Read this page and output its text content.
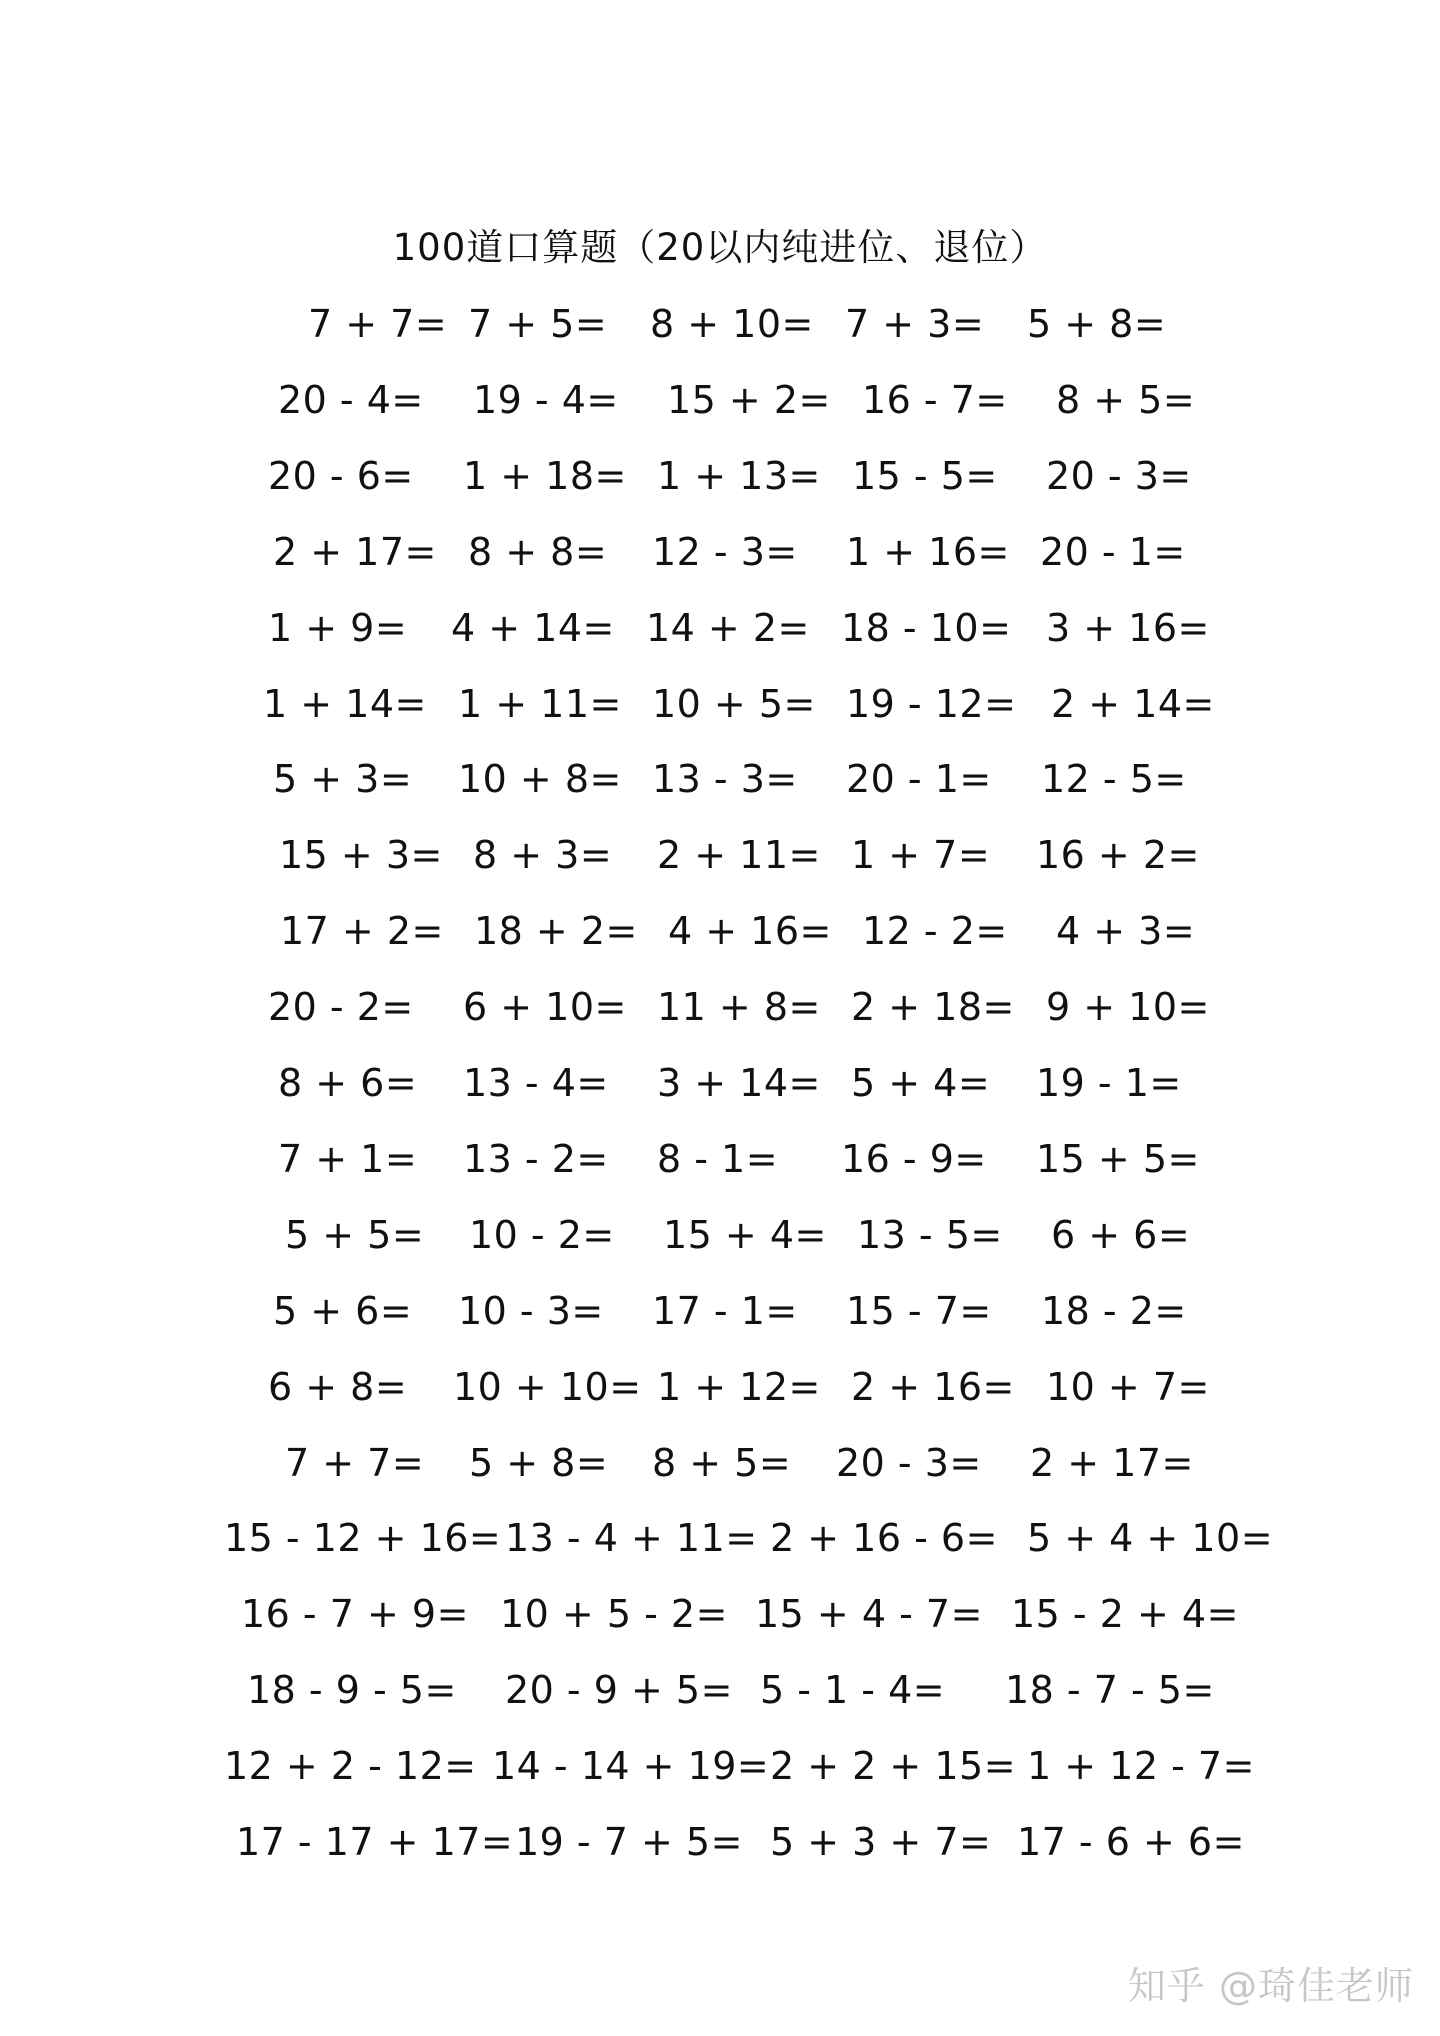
100道口算题（20以内纯进位、退位）
7 + 7= 7 + 5= 8 + 10= 7 + 3= 5 + 8=
20 - 4= 19 - 4= 15 + 2= 16 - 7= 8 + 5=
20 - 6= 1 + 18= 1 + 13= 15 - 5= 20 - 3=
2 + 17= 8 + 8= 12 - 3= 1 + 16= 20 - 1=
1 + 9= 4 + 14= 14 + 2= 18 - 10= 3 + 16=
1 + 14= 1 + 11= 10 + 5= 19 - 12= 2 + 14=
5 + 3= 10 + 8= 13 - 3= 20 - 1= 12 - 5=
15 + 3= 8 + 3= 2 + 11= 1 + 7= 16 + 2=
17 + 2= 18 + 2= 4 + 16= 12 - 2= 4 + 3=
20 - 2= 6 + 10= 11 + 8= 2 + 18= 9 + 10=
8 + 6= 13 - 4= 3 + 14= 5 + 4= 19 - 1=
7 + 1= 13 - 2= 8 - 1= 16 - 9= 15 + 5=
5 + 5= 10 - 2= 15 + 4= 13 - 5= 6 + 6=
5 + 6= 10 - 3= 17 - 1= 15 - 7= 18 - 2=
6 + 8= 10 + 10= 1 + 12= 2 + 16= 10 + 7=
7 + 7= 5 + 8= 8 + 5= 20 - 3= 2 + 17=
15 - 12 + 16= 13 - 4 + 11= 2 + 16 - 6= 5 + 4 + 10=
16 - 7 + 9= 10 + 5 - 2= 15 + 4 - 7= 15 - 2 + 4=
18 - 9 - 5= 20 - 9 + 5= 5 - 1 - 4= 18 - 7 - 5=
12 + 2 - 12= 14 - 14 + 19= 2 + 2 + 15= 1 + 12 - 7=
17 - 17 + 17= 19 - 7 + 5= 5 + 3 + 7= 17 - 6 + 6=
知乎 @琦佳老师
